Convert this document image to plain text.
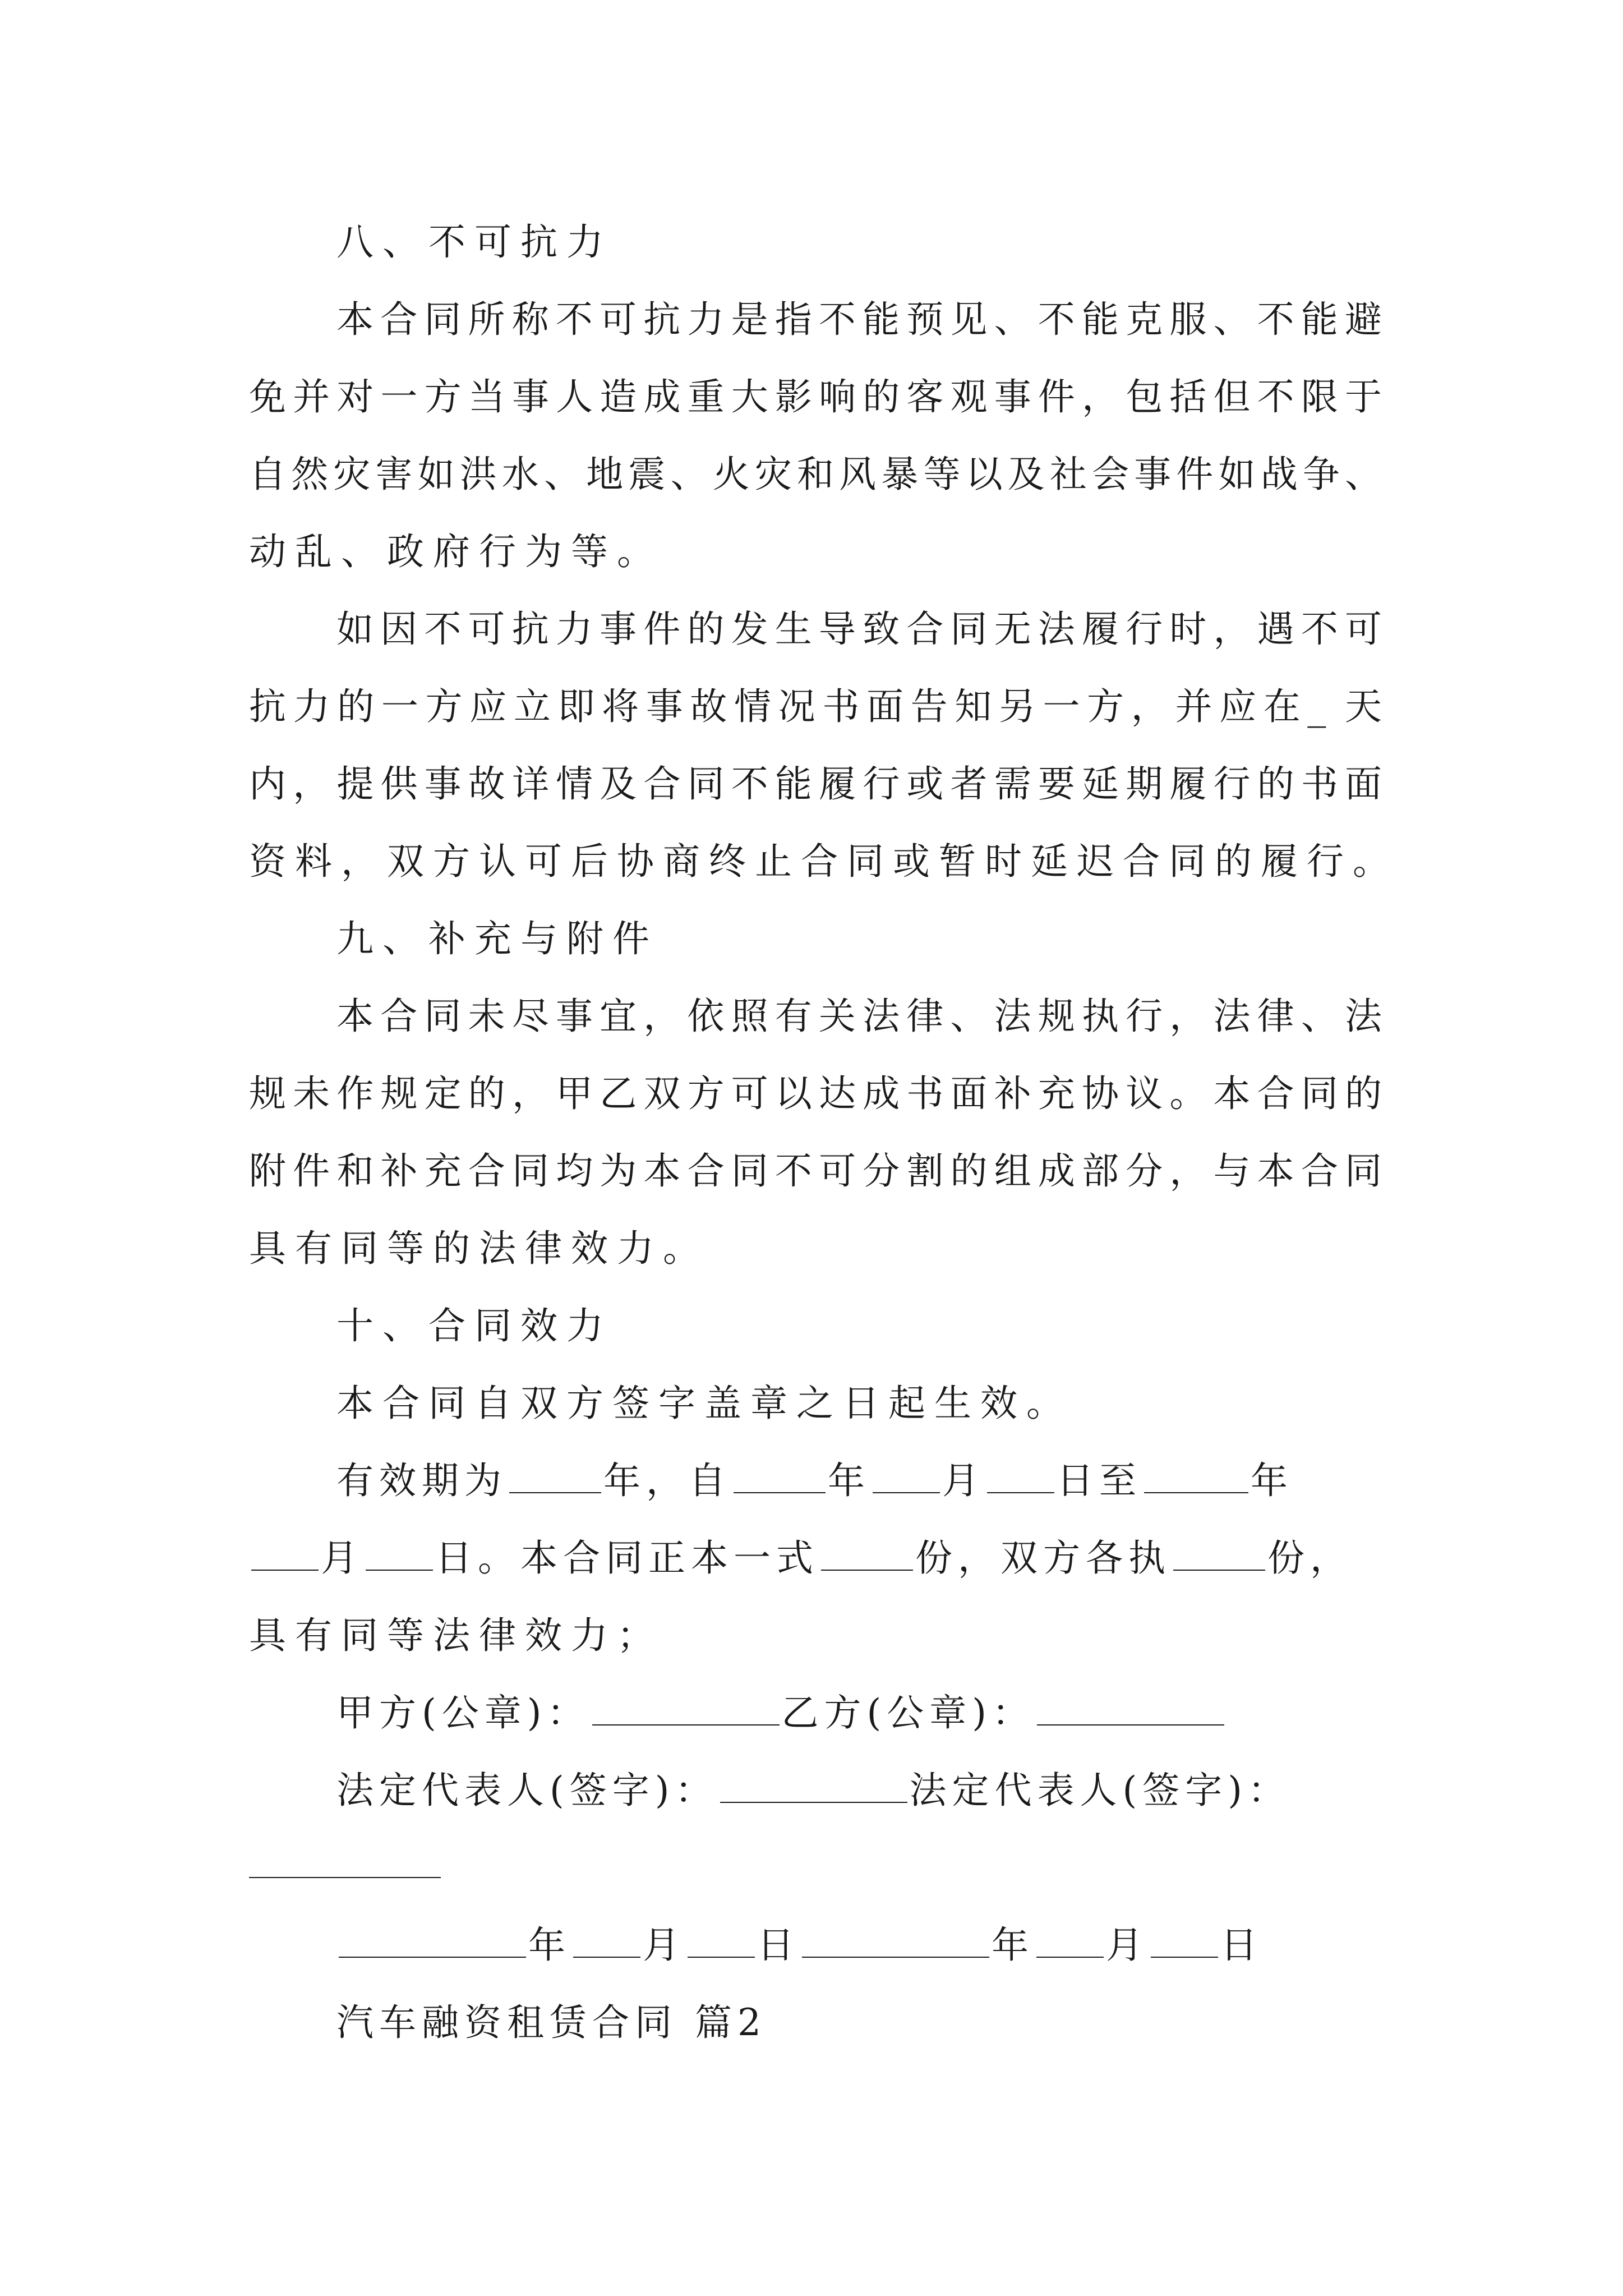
八、不可抗力
本合同所称不可抗力是指不能预见、不能克服、不能避
免并对一方当事人造成重大影响的客观事件，包括但不限于
自然灾害如洪水、地震、火灾和风暴等以及社会事件如战争、
动乱、政府行为等。
如因不可抗力事件的发生导致合同无法履行时，遇不可
抗力的一方应立即将事故情况书面告知另一方，并应在_ 天
内，提供事故详情及合同不能履行或者需要延期履行的书面
资料，双方认可后协商终止合同或暂时延迟合同的履行。
九、补充与附件
本合同未尽事宜，依照有关法律、法规执行，法律、法
规未作规定的，甲乙双方可以达成书面补充协议。本合同的
附件和补充合同均为本合同不可分割的组成部分，与本合同
具有同等的法律效力。
十、合同效力
本合同自双方签字盖章之日起生效。
有效期为	年，自	年 月 日至	年
月 日。本合同正本一式	份，双方各执	份，
具有同等法律效力；
甲方(公章)：	乙方(公章)：
法定代表人(签字)：	法定代表人(签字)：
年 月 日	年 月 日
汽车融资租赁合同 篇2
